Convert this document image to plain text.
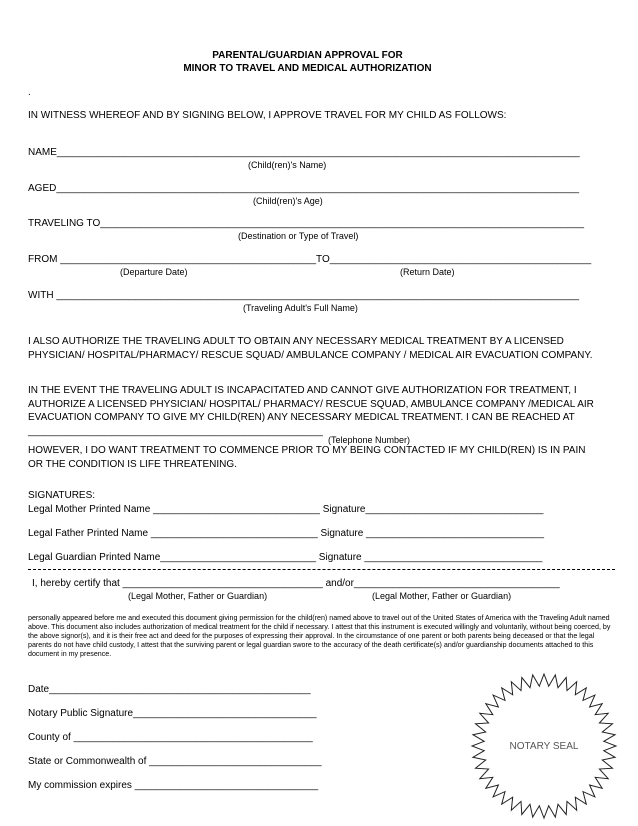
PARENTAL/GUARDIAN APPROVAL FOR
MINOR TO TRAVEL AND MEDICAL AUTHORIZATION
.
IN WITNESS WHEREOF AND BY SIGNING BELOW, I APPROVE TRAVEL FOR MY CHILD AS FOLLOWS:
NAME______________________________________________________________________________________________
(Child(ren)'s Name)
AGED______________________________________________________________________________________________
(Child(ren)'s Age)
TRAVELING TO_______________________________________________________________________________________
(Destination or Type of Travel)
FROM ______________________________________________TO_______________________________________________
(Departure Date)	(Return Date)
WITH ______________________________________________________________________________________________
(Traveling Adult's Full Name)
I ALSO AUTHORIZE THE TRAVELING ADULT TO OBTAIN ANY NECESSARY MEDICAL TREATMENT BY A LICENSED PHYSICIAN/ HOSPITAL/PHARMACY/ RESCUE SQUAD/ AMBULANCE COMPANY / MEDICAL AIR EVACUATION COMPANY.
IN THE EVENT THE TRAVELING ADULT IS INCAPACITATED AND CANNOT GIVE AUTHORIZATION FOR TREATMENT, I AUTHORIZE A LICENSED PHYSICIAN/ HOSPITAL/ PHARMACY/ RESCUE SQUAD, AMBULANCE COMPANY /MEDICAL AIR EVACUATION COMPANY TO GIVE MY CHILD(REN) ANY NECESSARY MEDICAL TREATMENT. I CAN BE REACHED AT _____________________________________________________
(Telephone Number)
HOWEVER, I DO WANT TREATMENT TO COMMENCE PRIOR TO MY BEING CONTACTED IF MY CHILD(REN) IS IN PAIN OR THE CONDITION IS LIFE THREATENING.
SIGNATURES:
Legal Mother Printed Name ______________________________ Signature________________________________
Legal Father Printed Name ______________________________ Signature ________________________________
Legal Guardian Printed Name____________________________ Signature ________________________________
I, hereby certify that ____________________________________ and/or_____________________________________
(Legal Mother, Father or Guardian)	(Legal Mother, Father or Guardian)
personally appeared before me and executed this document giving permission for the child(ren) named above to travel out of the United States of America with the Traveling Adult named above. This document also includes authorization of medical treatment for the child if necessary. I attest that this instrument is executed willingly and voluntarily, without being coerced, by the above signor(s), and it is their free act and deed for the purposes of expressing their approval. In the circumstance of one parent or both parents being deceased or that the legal parents do not have child custody, I attest that the surviving parent or legal guardian swore to the accuracy of the death certificate(s) and/or guardianship documents attached to this document in my presence.
Date_______________________________________________
Notary Public Signature_________________________________
County of ___________________________________________
State or Commonwealth of _______________________________
My commission expires _________________________________
NOTARY SEAL
